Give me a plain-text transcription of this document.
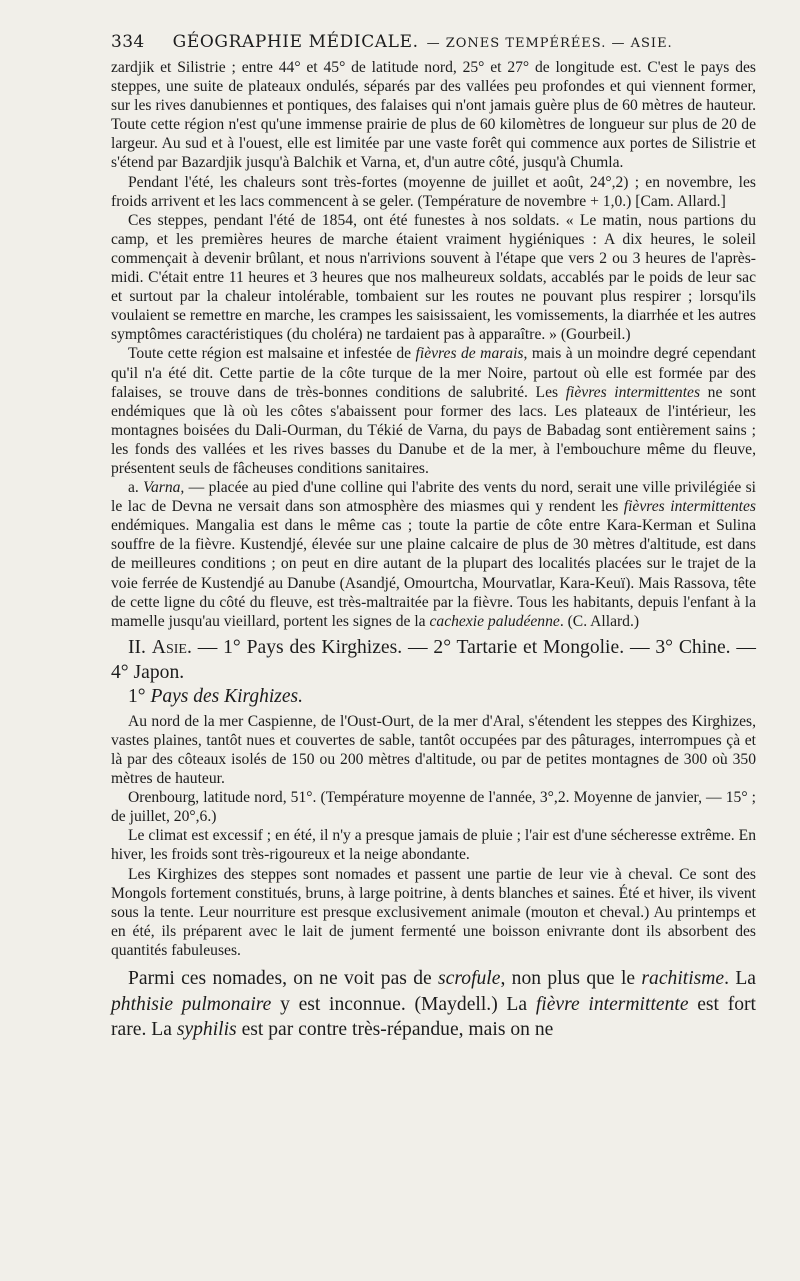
334 GÉOGRAPHIE MÉDICALE. — ZONES TEMPÉRÉES. — ASIE.

zardjik et Silistrie ; entre 44° et 45° de latitude nord, 25° et 27° de longitude est. C'est le pays des steppes, une suite de plateaux ondulés, séparés par des vallées peu profondes et qui viennent former, sur les rives danubiennes et pontiques, des falaises qui n'ont jamais guère plus de 60 mètres de hauteur. Toute cette région n'est qu'une immense prairie de plus de 60 kilomètres de longueur sur plus de 20 de largeur. Au sud et à l'ouest, elle est limitée par une vaste forêt qui commence aux portes de Silistrie et s'étend par Bazardjik jusqu'à Balchik et Varna, et, d'un autre côté, jusqu'à Chumla.

Pendant l'été, les chaleurs sont très-fortes (moyenne de juillet et août, 24°,2) ; en novembre, les froids arrivent et les lacs commencent à se geler. (Température de novembre + 1,0.) [Cam. Allard.]

Ces steppes, pendant l'été de 1854, ont été funestes à nos soldats. « Le matin, nous partions du camp, et les premières heures de marche étaient vraiment hygiéniques : A dix heures, le soleil commençait à devenir brûlant, et nous n'arrivions souvent à l'étape que vers 2 ou 3 heures de l'après-midi. C'était entre 11 heures et 3 heures que nos malheureux soldats, accablés par le poids de leur sac et surtout par la chaleur intolérable, tombaient sur les routes ne pouvant plus respirer ; lorsqu'ils voulaient se remettre en marche, les crampes les saisissaient, les vomissements, la diarrhée et les autres symptômes caractéristiques (du choléra) ne tardaient pas à apparaître. » (Gourbeil.)

Toute cette région est malsaine et infestée de fièvres de marais, mais à un moindre degré cependant qu'il n'a été dit. Cette partie de la côte turque de la mer Noire, partout où elle est formée par des falaises, se trouve dans de très-bonnes conditions de salubrité. Les fièvres intermittentes ne sont endémiques que là où les côtes s'abaissent pour former des lacs. Les plateaux de l'intérieur, les montagnes boisées du Dali-Ourman, du Tékié de Varna, du pays de Babadag sont entièrement sains ; les fonds des vallées et les rives basses du Danube et de la mer, à l'embouchure même du fleuve, présentent seuls de fâcheuses conditions sanitaires.

a. Varna, — placée au pied d'une colline qui l'abrite des vents du nord, serait une ville privilégiée si le lac de Devna ne versait dans son atmosphère des miasmes qui y rendent les fièvres intermittentes endémiques. Mangalia est dans le même cas ; toute la partie de côte entre Kara-Kerman et Sulina souffre de la fièvre. Kustendjé, élevée sur une plaine calcaire de plus de 30 mètres d'altitude, est dans de meilleures conditions ; on peut en dire autant de la plupart des localités placées sur le trajet de la voie ferrée de Kustendjé au Danube (Asandjé, Omourtcha, Mourvatlar, Kara-Keuï). Mais Rassova, tête de cette ligne du côté du fleuve, est très-maltraitée par la fièvre. Tous les habitants, depuis l'enfant à la mamelle jusqu'au vieillard, portent les signes de la cachexie paludéenne. (C. Allard.)

II. Asie. — 1° Pays des Kirghizes. — 2° Tartarie et Mongolie. — 3° Chine. — 4° Japon.

1° Pays des Kirghizes.

Au nord de la mer Caspienne, de l'Oust-Ourt, de la mer d'Aral, s'étendent les steppes des Kirghizes, vastes plaines, tantôt nues et couvertes de sable, tantôt occupées par des pâturages, interrompues çà et là par des côteaux isolés de 150 ou 200 mètres d'altitude, ou par de petites montagnes de 300 où 350 mètres de hauteur.

Orenbourg, latitude nord, 51°. (Température moyenne de l'année, 3°,2. Moyenne de janvier, — 15° ; de juillet, 20°,6.)

Le climat est excessif ; en été, il n'y a presque jamais de pluie ; l'air est d'une sécheresse extrême. En hiver, les froids sont très-rigoureux et la neige abondante.

Les Kirghizes des steppes sont nomades et passent une partie de leur vie à cheval. Ce sont des Mongols fortement constitués, bruns, à large poitrine, à dents blanches et saines. Été et hiver, ils vivent sous la tente. Leur nourriture est presque exclusivement animale (mouton et cheval.) Au printemps et en été, ils préparent avec le lait de jument fermenté une boisson enivrante dont ils absorbent des quantités fabuleuses.

Parmi ces nomades, on ne voit pas de scrofule, non plus que le rachitisme. La phthisie pulmonaire y est inconnue. (Maydell.) La fièvre intermittente est fort rare. La syphilis est par contre très-répandue, mais on ne
